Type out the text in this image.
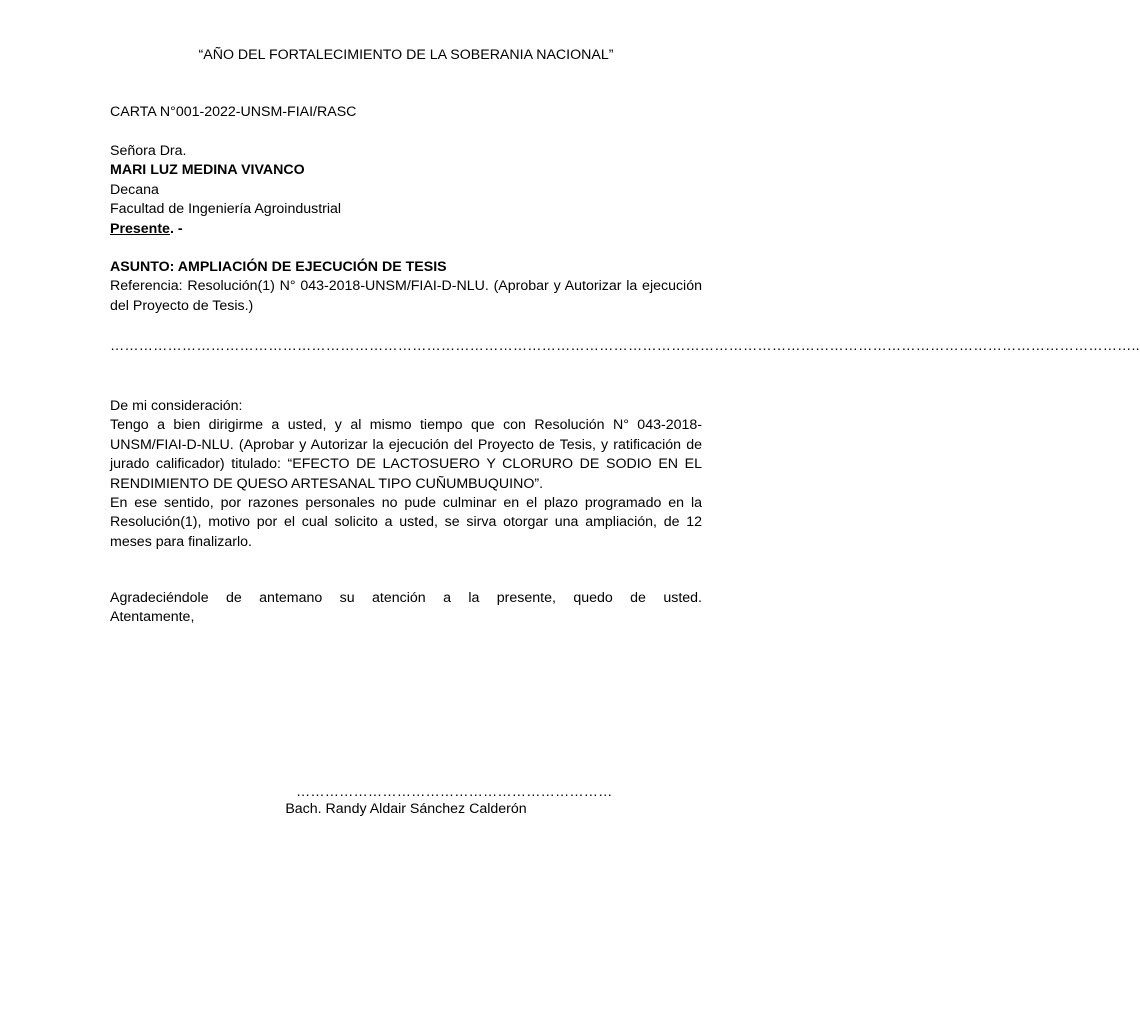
“AÑO DEL FORTALECIMIENTO DE LA SOBERANIA NACIONAL”
CARTA N°001-2022-UNSM-FIAI/RASC
Señora Dra.
MARI LUZ MEDINA VIVANCO
Decana
Facultad de Ingeniería Agroindustrial
Presente. -

ASUNTO: AMPLIACIÓN DE EJECUCIÓN DE TESIS

Referencia: Resolución(1) N° 043-2018-UNSM/FIAI-D-NLU. (Aprobar y Autorizar la ejecución del Proyecto de Tesis.)

……………………………………………………………………………………………………………………………………………………………………………………………..

De mi consideración:

Tengo a bien dirigirme a usted, y al mismo tiempo que con Resolución N° 043-2018-UNSM/FIAI-D-NLU. (Aprobar y Autorizar la ejecución del Proyecto de Tesis, y ratificación de jurado calificador) titulado: “EFECTO DE LACTOSUERO Y CLORURO DE SODIO EN EL RENDIMIENTO DE QUESO ARTESANAL TIPO CUÑUMBUQUINO”.

En ese sentido, por razones personales no pude culminar en el plazo programado en la Resolución(1), motivo por el cual solicito a usted, se sirva otorgar una ampliación, de 12 meses para finalizarlo.

Agradeciéndole de antemano su atención a la presente, quedo de usted.

Atentamente,

…………………………………………………………
Bach. Randy Aldair Sánchez Calderón
